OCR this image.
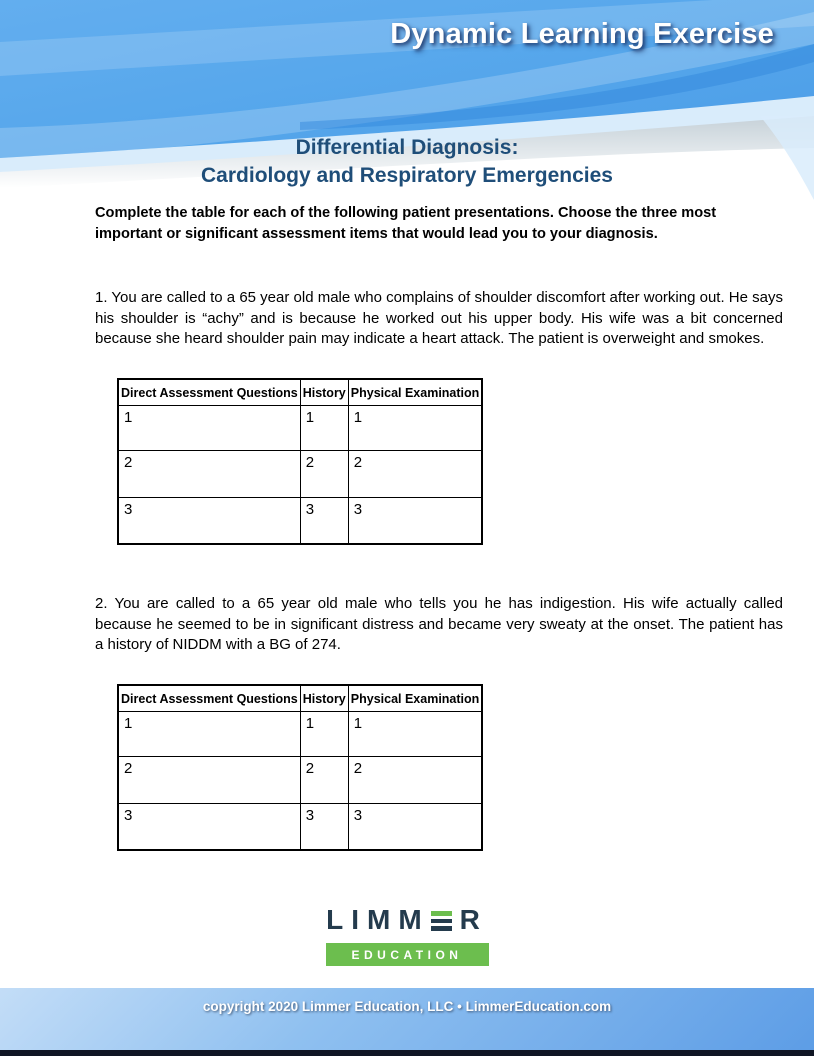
Dynamic Learning Exercise
Differential Diagnosis:
Cardiology and Respiratory Emergencies

Complete the table for each of the following patient presentations. Choose the three most important or significant assessment items that would lead you to your diagnosis.

1. You are called to a 65 year old male who complains of shoulder discomfort after working out. He says his shoulder is “achy” and is because he worked out his upper body. His wife was a bit concerned because she heard shoulder pain may indicate a heart attack. The patient is overweight and smokes.

Direct Assessment Questions	History	Physical Examination
1	1	1
2	2	2
3	3	3

2. You are called to a 65 year old male who tells you he has indigestion. His wife actually called because he seemed to be in significant distress and became very sweaty at the onset. The patient has a history of NIDDM with a BG of 274.

Direct Assessment Questions	History	Physical Examination
1	1	1
2	2	2
3	3	3
LIMM R
EDUCATION
copyright 2020 Limmer Education, LLC • LimmerEducation.com
